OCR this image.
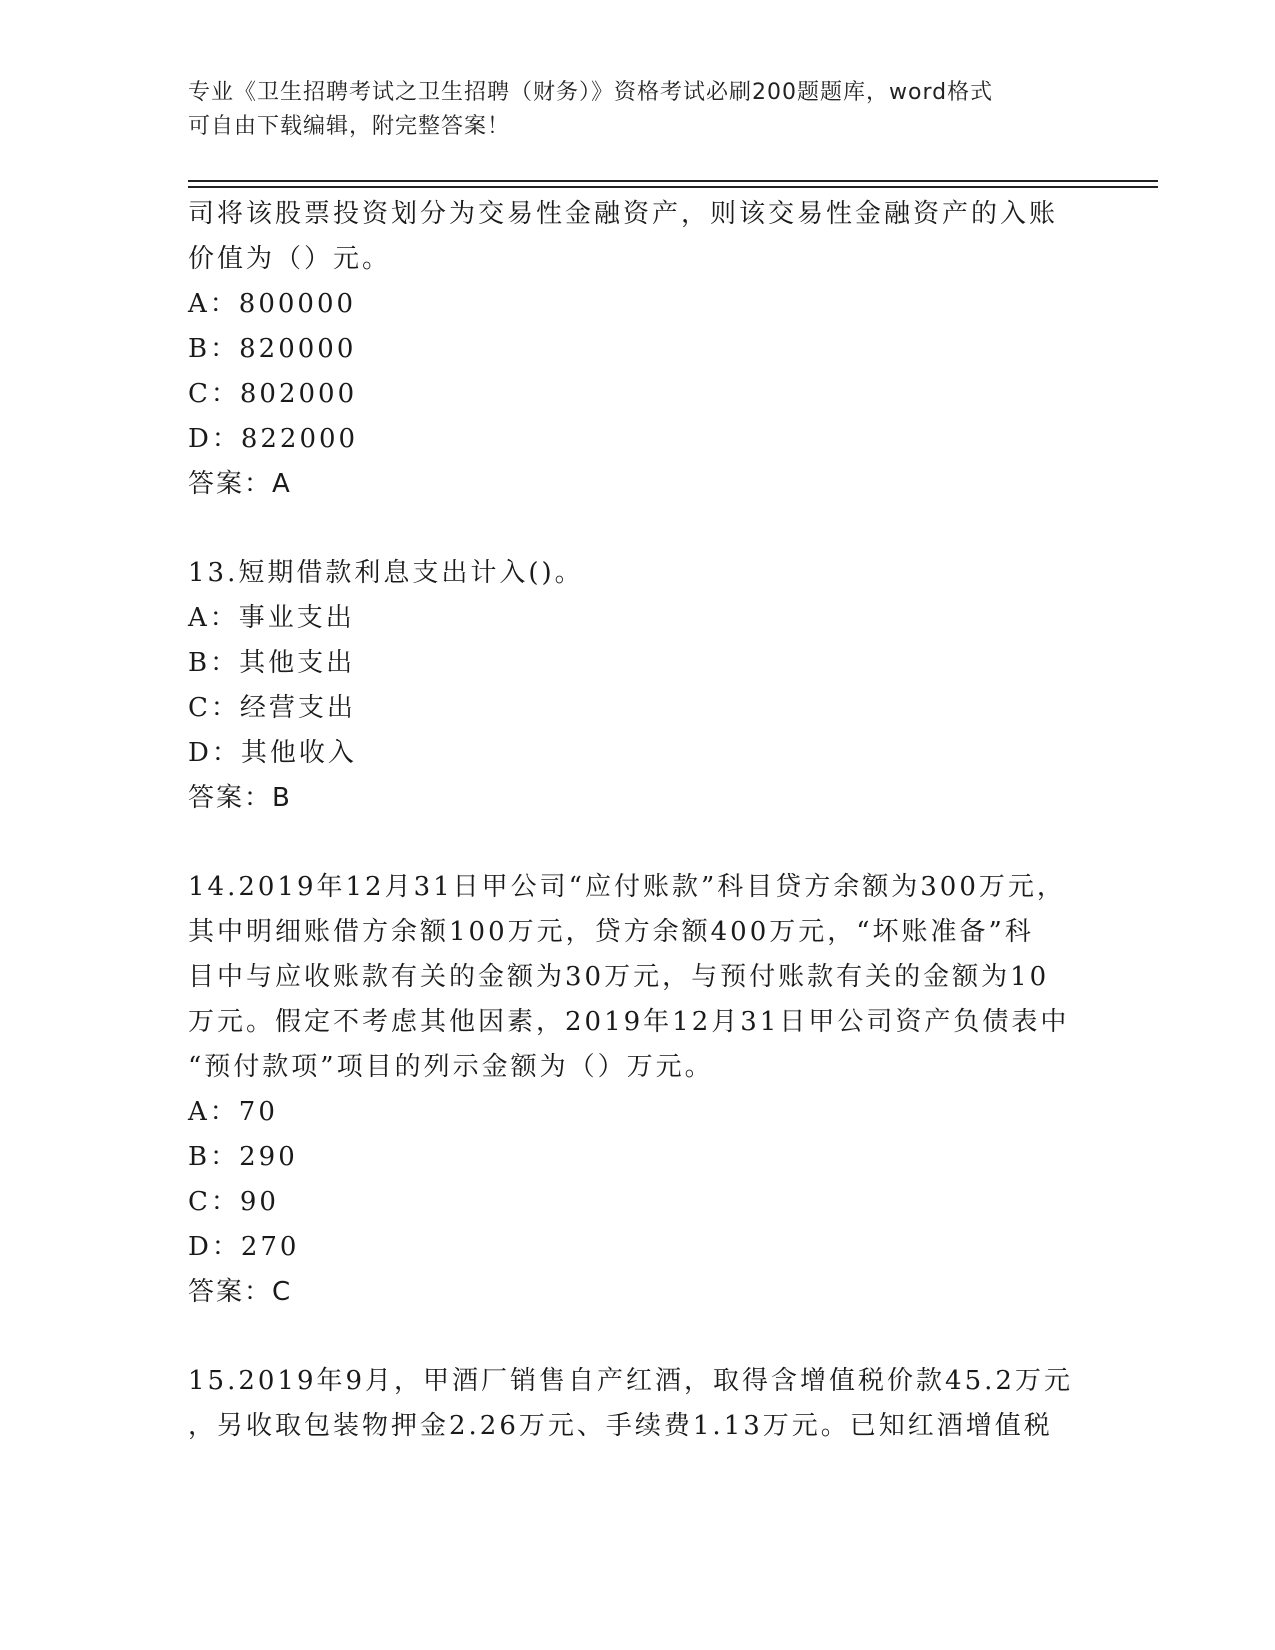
专业《卫生招聘考试之卫生招聘（财务）》资格考试必刷200题题库，word格式
可自由下载编辑，附完整答案！

司将该股票投资划分为交易性金融资产，则该交易性金融资产的入账

价值为（）元。

A：800000

B：820000

C：802000

D：822000

答案：A

13.短期借款利息支出计入()。

A：事业支出

B：其他支出

C：经营支出

D：其他收入

答案：B

14.2019年12月31日甲公司“应付账款”科目贷方余额为300万元，

其中明细账借方余额100万元，贷方余额400万元，“坏账准备”科

目中与应收账款有关的金额为30万元，与预付账款有关的金额为10

万元。假定不考虑其他因素，2019年12月31日甲公司资产负债表中

“预付款项”项目的列示金额为（）万元。

A：70

B：290

C：90

D：270

答案：C

15.2019年9月，甲酒厂销售自产红酒，取得含增值税价款45.2万元

，另收取包装物押金2.26万元、手续费1.13万元。已知红酒增值税
